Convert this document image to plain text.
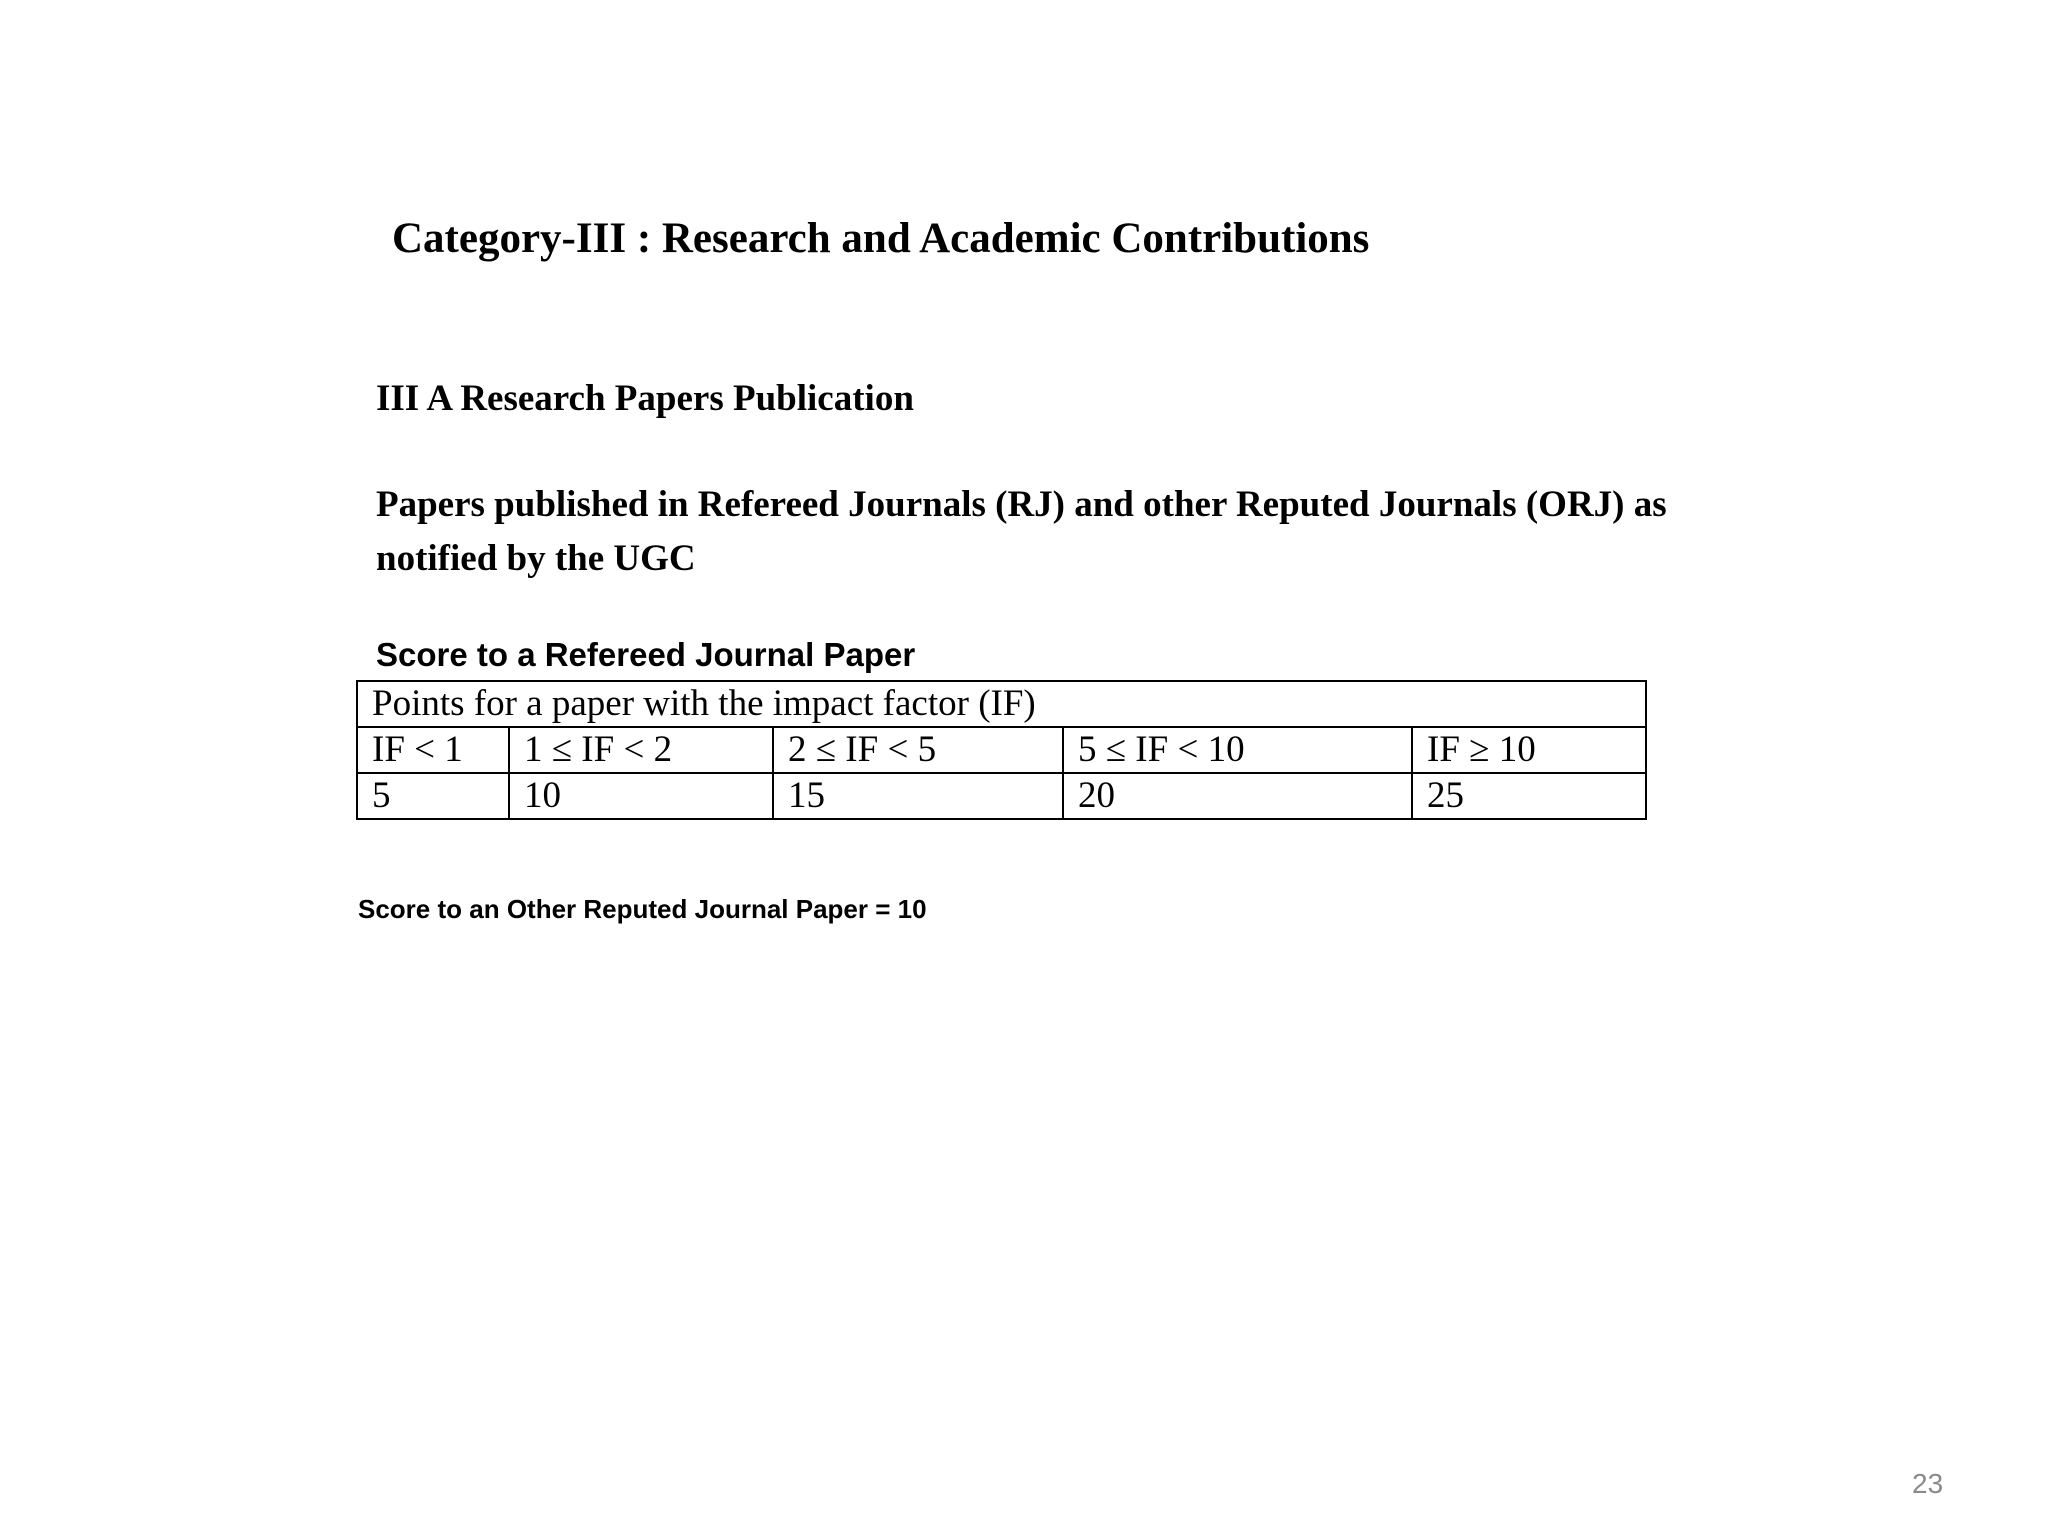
Category-III : Research and Academic Contributions
III A Research Papers Publication
Papers published in Refereed Journals (RJ) and other Reputed Journals (ORJ) as
notified by the UGC
Score to a Refereed Journal Paper
Points for a paper with the impact factor (IF)				
IF < 1	1 ≤ IF < 2	2 ≤ IF < 5	5 ≤ IF < 10	IF ≥ 10
5	10	15	20	25
Score to an Other Reputed Journal Paper = 10
23
